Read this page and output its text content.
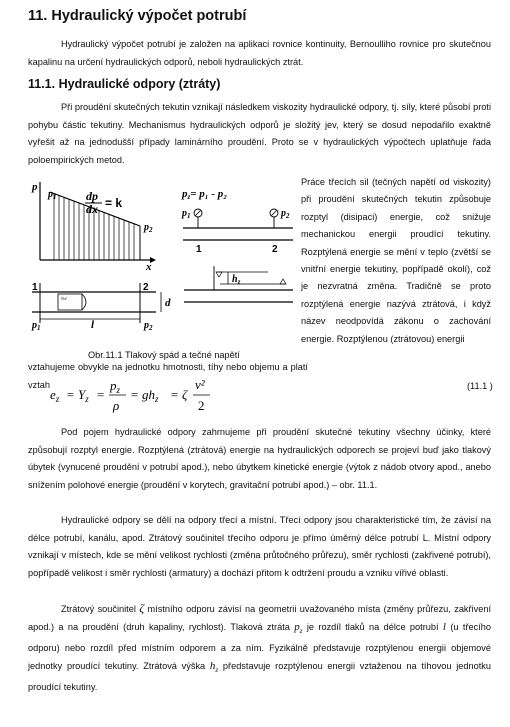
11. Hydraulický výpočet potrubí

Hydraulický výpočet potrubí je založen na aplikaci rovnice kontinuity, Bernoulliho rovnice pro skutečnou kapalinu na určení hydraulických odporů, neboli hydraulických ztrát.

11.1. Hydraulické odpory (ztráty)

Při proudění skutečných tekutin vznikají následkem viskozity hydraulické odpory, tj. síly, které působí proti pohybu částic tekutiny. Mechanismus hydraulických odporů je složitý jev, který se dosud nepodařilo exaktně vyřešit až na jednodušší případy laminárního proudění. Proto se v hydraulických výpočtech uplatňuje řada poloempirických metod.

p
$p_1$
$p_2$
dp
dx = k
x
τw
1	2
d
$p_1$	$p_2$
l
pz= p₁ - p₂
$p_1$	$p_2$
1	2
$h_z$

Práce třecích sil (tečných napětí od viskozity) při proudění skutečných tekutin způsobuje rozptyl (disipaci) energie, což snižuje mechanickou energii proudící tekutiny. Rozptýlená energie se mění v teplo (zvětší se vnitřní energie tekutiny, popřípadě okolí), což je nezvratná změna. Tradičně se proto rozptýlená energie nazývá ztrátová, i když název neodpovídá zákonu o zachování energie. Rozptýlenou (ztrátovou) energii

Obr.11.1 Tlakový spád a tečné napětí

vztahujeme obvykle na jednotku hmotnosti, tíhy nebo objemu a platí vztah

$e_z = Y_z$ =
$p_z$
ρ
= $gh_z = \zeta$
v²
2
(11.1 )

Pod pojem hydraulické odpory zahrnujeme při proudění skutečné tekutiny všechny účinky, které způsobují rozptyl energie. Rozptýlená (ztrátová) energie na hydraulických odporech se projeví buď jako tlakový úbytek (vynucené proudění v potrubí apod.), nebo úbytkem kinetické energie (výtok z nádob otvory apod., anebo snížením polohové energie (proudění v korytech, gravitační potrubí apod.) – obr. 11.1.

Hydraulické odpory se dělí na odpory třecí a místní. Třecí odpory jsou charakteristické tím, že závisí na délce potrubí, kanálu, apod. Ztrátový součinitel třecího odporu je přímo úměrný délce potrubí L. Místní odpory vznikají v místech, kde se mění velikost rychlosti (změna průtočného průřezu), směr rychlosti (zakřivené potrubí), popřípadě velikost i směr rychlosti (armatury) a dochází přitom k odtržení proudu a vzniku vířivé oblasti.

Ztrátový součinitel ζ místního odporu závisí na geometrii uvažovaného místa (změny průřezu, zakřivení apod.) a na proudění (druh kapaliny, rychlost). Tlaková ztráta $p_z$ je rozdíl tlaků na délce potrubí l (u třecího odporu) nebo rozdíl před místním odporem a za ním. Fyzikálně představuje rozptýlenou energii objemové jednotky proudící tekutiny. Ztrátová výška $h_z$ představuje rozptýlenou energii vztaženou na tíhovou jednotku proudící tekutiny.
